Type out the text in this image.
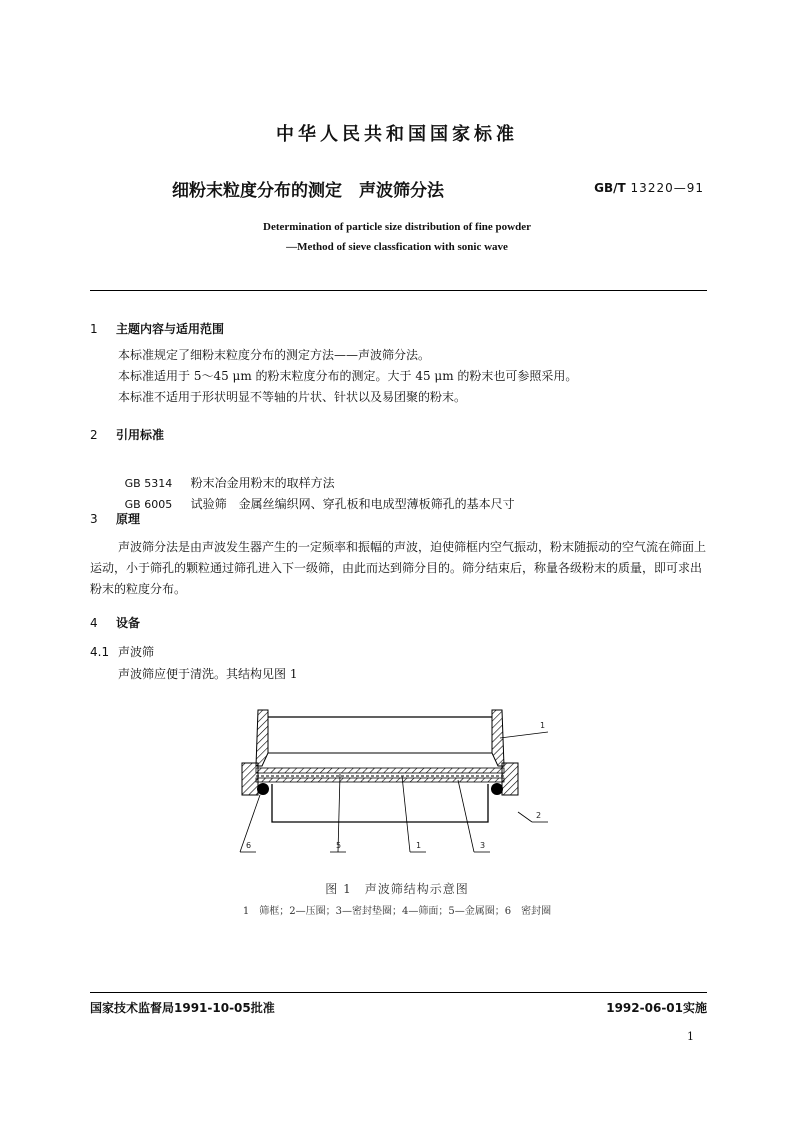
中华人民共和国国家标准
细粉末粒度分布的测定　声波筛分法	GB/T 13220—91
Determination of particle size distribution of fine powder
—Method of sieve classfication with sonic wave
1 主题内容与适用范围

本标准规定了细粉末粒度分布的测定方法——声波筛分法。

本标准适用于 5～45 μm 的粉末粒度分布的测定。大于 45 μm 的粉末也可参照采用。

本标准不适用于形状明显不等轴的片状、针状以及易团聚的粉末。

2 引用标准

GB 5314 粉末冶金用粉末的取样方法

GB 6005 试验筛　金属丝编织网、穿孔板和电成型薄板筛孔的基本尺寸

3 原理

声波筛分法是由声波发生器产生的一定频率和振幅的声波，迫使筛框内空气振动，粉末随振动的空气流在筛面上运动，小于筛孔的颗粒通过筛孔进入下一级筛，由此而达到筛分目的。筛分结束后，称量各级粉末的质量，即可求出粉末的粒度分布。

4 设备
4.1 声波筛

声波筛应便于清洗。其结构见图 1

1
2
6	5	1	3
图 1　声波筛结构示意图
1　筛框；2—压圈；3—密封垫圈；4—筛面；5—金属圈；6　密封圈
国家技术监督局1991-10-05批准	1992-06-01实施
1
